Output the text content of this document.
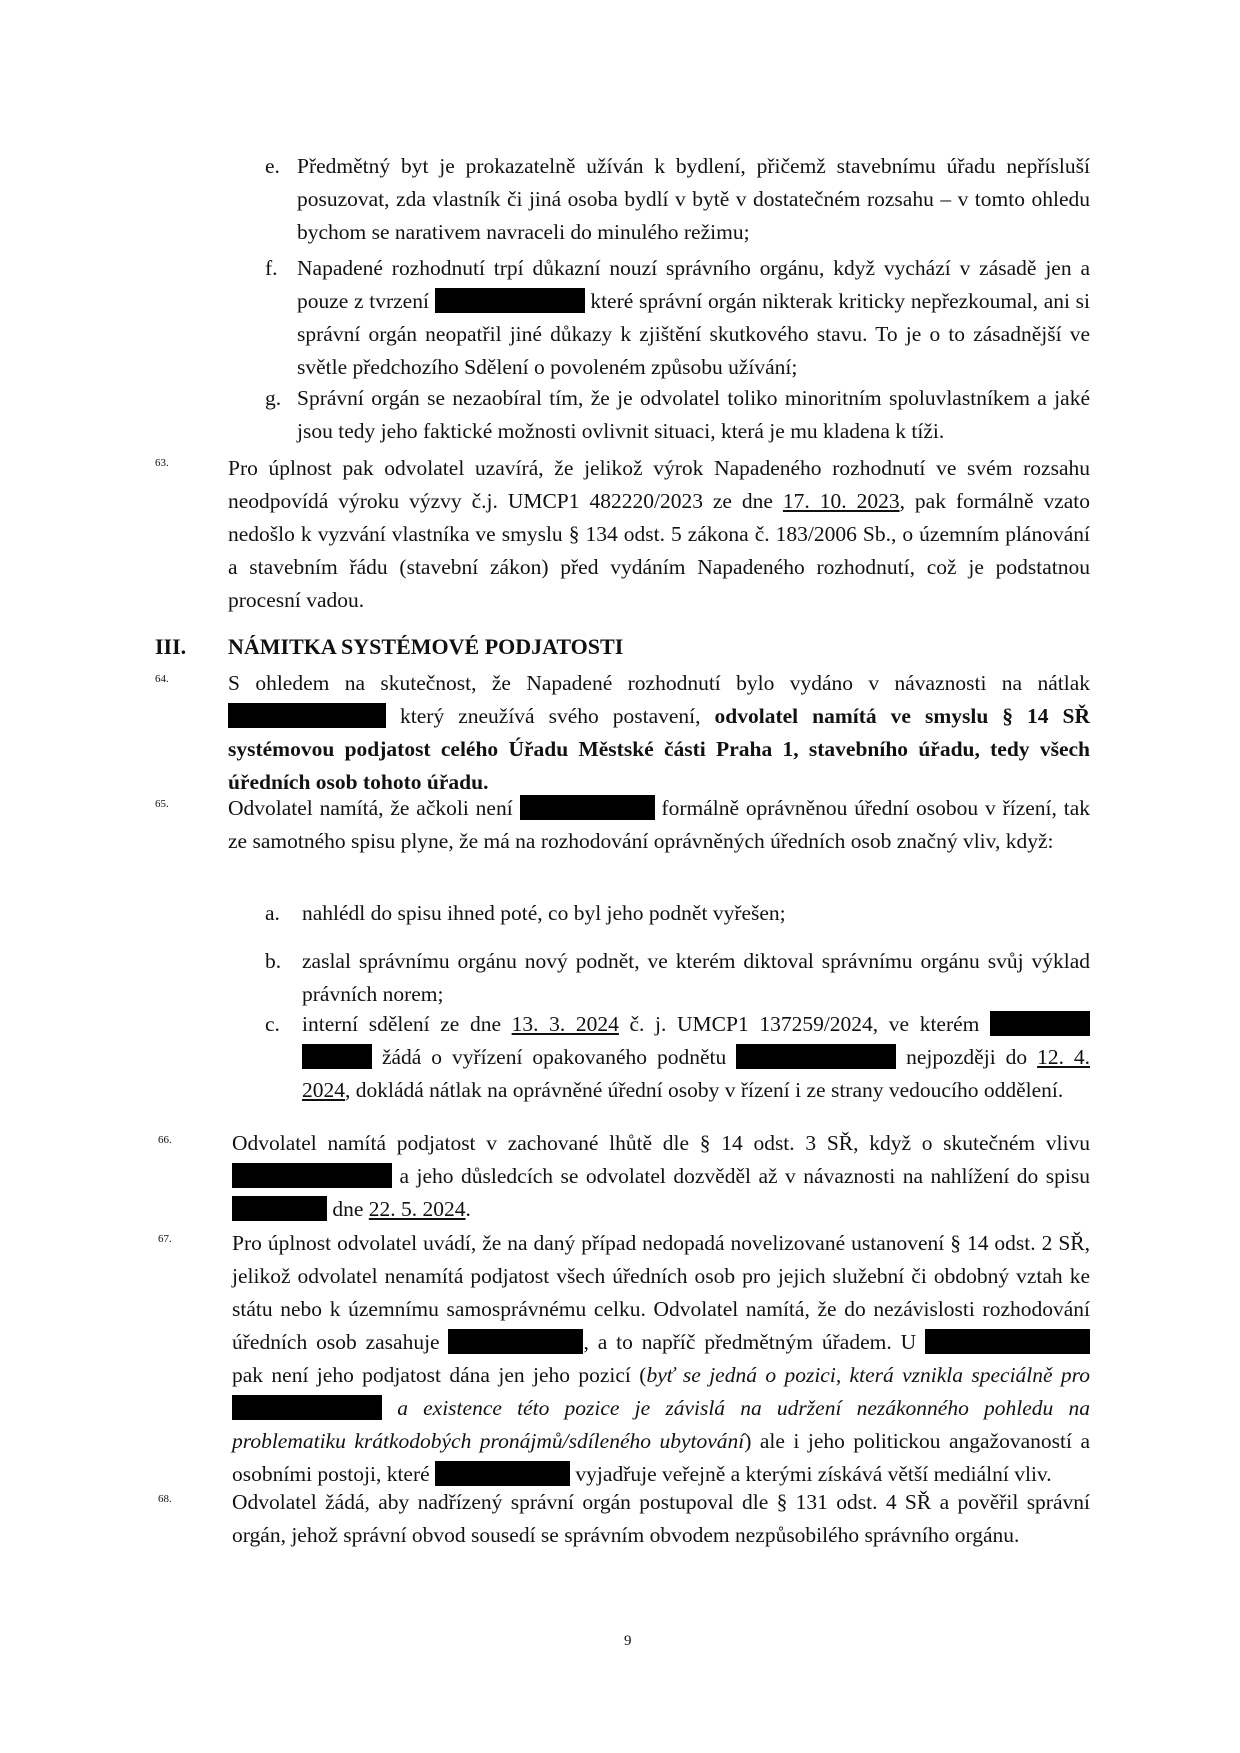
e. Předmětný byt je prokazatelně užíván k bydlení, přičemž stavebnímu úřadu nepřísluší posuzovat, zda vlastník či jiná osoba bydlí v bytě v dostatečném rozsahu – v tomto ohledu bychom se narativem navraceli do minulého režimu;
f. Napadené rozhodnutí trpí důkazní nouzí správního orgánu, když vychází v zásadě jen a pouze z tvrzení	které správní orgán nikterak kriticky nepřezkoumal, ani si správní orgán neopatřil jiné důkazy k zjištění skutkového stavu. To je o to zásadnější ve světle předchozího Sdělení o povoleném způsobu užívání;
g. Správní orgán se nezaobíral tím, že je odvolatel toliko minoritním spoluvlastníkem a jaké jsou tedy jeho faktické možnosti ovlivnit situaci, která je mu kladena k tíži.
63.	Pro úplnost pak odvolatel uzavírá, že jelikož výrok Napadeného rozhodnutí ve svém rozsahu neodpovídá výroku výzvy č.j. UMCP1 482220/2023 ze dne 17. 10. 2023, pak formálně vzato nedošlo k vyzvání vlastníka ve smyslu § 134 odst. 5 zákona č. 183/2006 Sb., o územním plánování a stavebním řádu (stavební zákon) před vydáním Napadeného rozhodnutí, což je podstatnou procesní vadou.
III. NÁMITKA SYSTÉMOVÉ PODJATOSTI
64.	S ohledem na skutečnost, že Napadené rozhodnutí bylo vydáno v návaznosti na nátlak  který zneužívá svého postavení, odvolatel namítá ve smyslu § 14 SŘ systémovou podjatost celého Úřadu Městské části Praha 1, stavebního úřadu, tedy všech úředních osob tohoto úřadu.
65.	Odvolatel namítá, že ačkoli není	formálně oprávněnou úřední osobou v řízení, tak ze samotného spisu plyne, že má na rozhodování oprávněných úředních osob značný vliv, když:
a. nahlédl do spisu ihned poté, co byl jeho podnět vyřešen;
b. zaslal správnímu orgánu nový podnět, ve kterém diktoval správnímu orgánu svůj výklad právních norem;
c. interní sdělení ze dne 13. 3. 2024 č. j. UMCP1 137259/2024, ve kterém   žádá o vyřízení opakovaného podnětu	nejpozději do 12. 4. 2024, dokládá nátlak na oprávněné úřední osoby v řízení i ze strany vedoucího oddělení.
66.	Odvolatel namítá podjatost v zachované lhůtě dle § 14 odst. 3 SŘ, když o skutečném vlivu  a jeho důsledcích se odvolatel dozvěděl až v návaznosti na nahlížení do spisu  dne 22. 5. 2024.
67.	Pro úplnost odvolatel uvádí, že na daný případ nedopadá novelizované ustanovení § 14 odst. 2 SŘ, jelikož odvolatel nenamítá podjatost všech úředních osob pro jejich služební či obdobný vztah ke státu nebo k územnímu samosprávnému celku. Odvolatel namítá, že do nezávislosti rozhodování úředních osob zasahuje	, a to napříč předmětným úřadem. U  pak není jeho podjatost dána jen jeho pozicí (byť se jedná o pozici, která vznikla speciálně pro  a existence této pozice je závislá na udržení nezákonného pohledu na problematiku krátkodobých pronájmů/sdíleného ubytování) ale i jeho politickou angažovaností a osobními postoji, které	vyjadřuje veřejně a kterými získává větší mediální vliv.
68.	Odvolatel žádá, aby nadřízený správní orgán postupoval dle § 131 odst. 4 SŘ a pověřil správní orgán, jehož správní obvod sousedí se správním obvodem nezpůsobilého správního orgánu.
9
